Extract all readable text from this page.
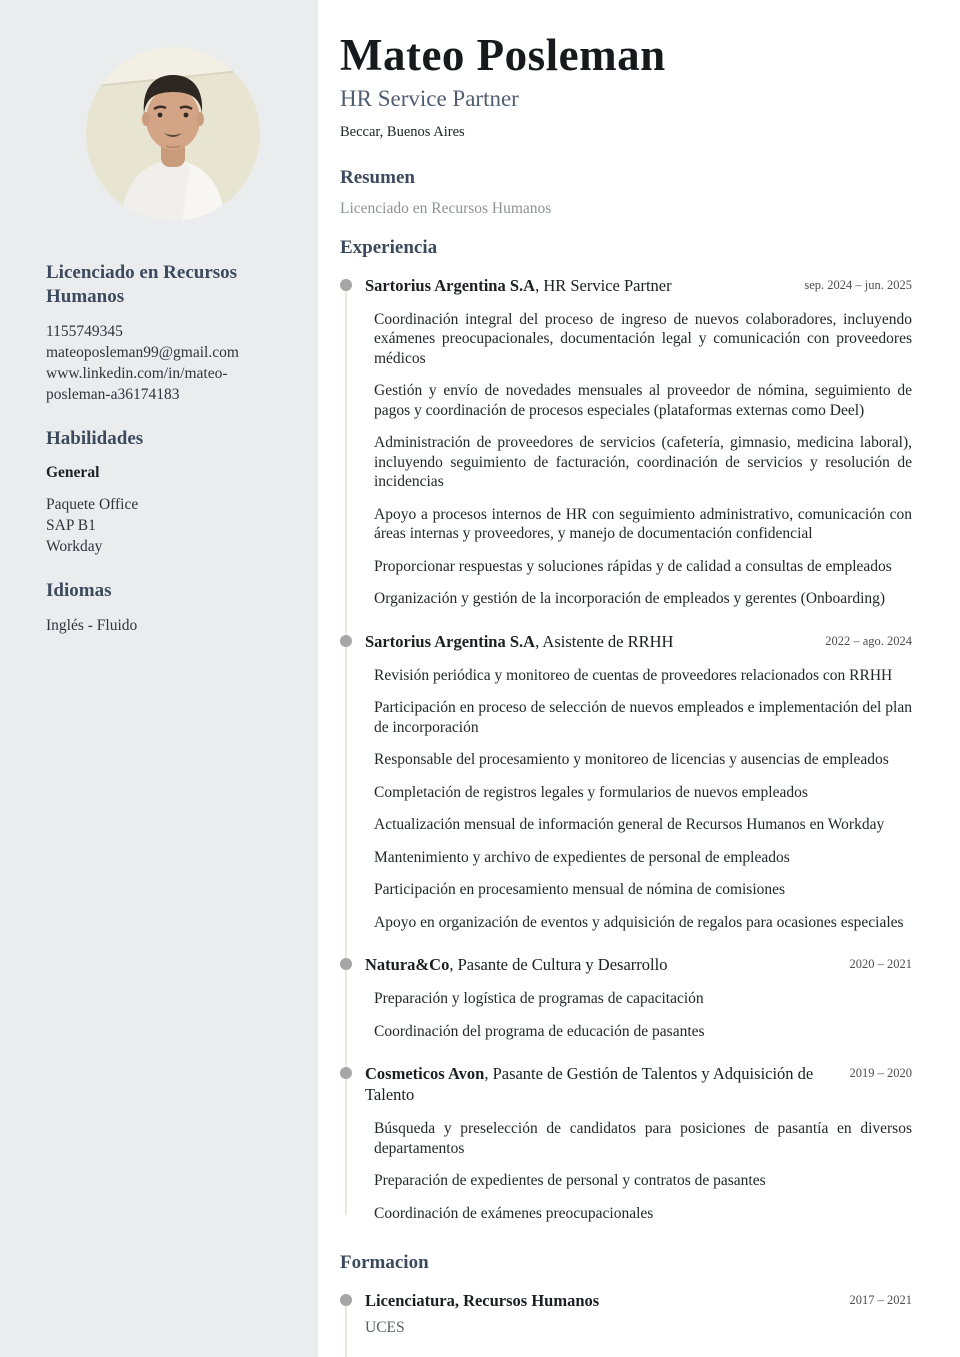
Licenciado en Recursos Humanos
1155749345
mateoposleman99@gmail.com
www.linkedin.com/in/mateo-posleman-a36174183
Habilidades
General
Paquete Office
SAP B1
Workday
Idiomas
Inglés - Fluido
Mateo Posleman
HR Service Partner
Beccar, Buenos Aires
Resumen

Licenciado en Recursos Humanos

Experiencia
Sartorius Argentina S.A, HR Service Partner	sep. 2024 – jun. 2025

Coordinación integral del proceso de ingreso de nuevos colaboradores, incluyendo exámenes preocupacionales, documentación legal y comunicación con proveedores médicos

Gestión y envío de novedades mensuales al proveedor de nómina, seguimiento de pagos y coordinación de procesos especiales (plataformas externas como Deel)

Administración de proveedores de servicios (cafetería, gimnasio, medicina laboral), incluyendo seguimiento de facturación, coordinación de servicios y resolución de incidencias

Apoyo a procesos internos de HR con seguimiento administrativo, comunicación con áreas internas y proveedores, y manejo de documentación confidencial

Proporcionar respuestas y soluciones rápidas y de calidad a consultas de empleados

Organización y gestión de la incorporación de empleados y gerentes (Onboarding)

Sartorius Argentina S.A, Asistente de RRHH	2022 – ago. 2024

Revisión periódica y monitoreo de cuentas de proveedores relacionados con RRHH

Participación en proceso de selección de nuevos empleados e implementación del plan de incorporación

Responsable del procesamiento y monitoreo de licencias y ausencias de empleados

Completación de registros legales y formularios de nuevos empleados

Actualización mensual de información general de Recursos Humanos en Workday

Mantenimiento y archivo de expedientes de personal de empleados

Participación en procesamiento mensual de nómina de comisiones

Apoyo en organización de eventos y adquisición de regalos para ocasiones especiales

Natura&Co, Pasante de Cultura y Desarrollo	2020 – 2021

Preparación y logística de programas de capacitación

Coordinación del programa de educación de pasantes

Cosmeticos Avon, Pasante de Gestión de Talentos y Adquisición de Talento
2019 – 2020

Búsqueda y preselección de candidatos para posiciones de pasantía en diversos departamentos

Preparación de expedientes de personal y contratos de pasantes

Coordinación de exámenes preocupacionales

Formacion
Licenciatura, Recursos Humanos	2017 – 2021
UCES
